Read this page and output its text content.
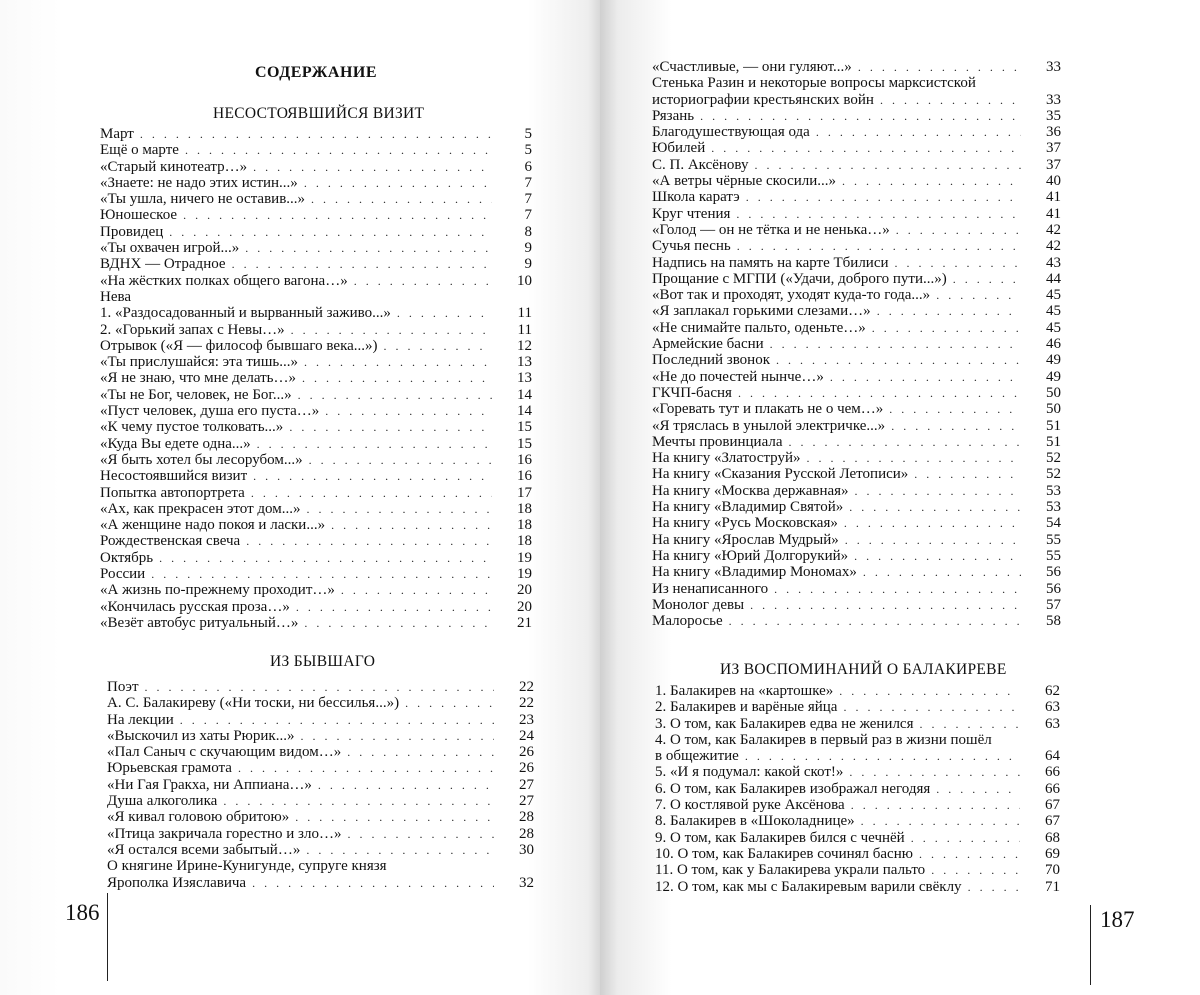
СОДЕРЖАНИЕ
НЕСОСТОЯВШИЙСЯ ВИЗИТ
Март . . .	5
Ещё о марте . . .	5
«Старый кинотеатр…» . . .	6
«Знаете: не надо этих истин...» . . .	7
«Ты ушла, ничего не оставив...» . . .	7
Юношеское . . .	7
Провидец . . .	8
«Ты охвачен игрой...» . . .	9
ВДНХ — Отрадное . . .	9
«На жёстких полках общего вагона…» . . .	10
Нева
1. «Раздосадованный и вырванный заживо...» . . .	11
2. «Горький запах с Невы…» . . .	11
Отрывок («Я — философ бывшаго века...») . . .	12
«Ты прислушайся: эта тишь...» . . .	13
«Я не знаю, что мне делать…» . . .	13
«Ты не Бог, человек, не Бог...» . . .	14
«Пуст человек, душа его пуста…» . . .	14
«К чему пустое толковать...» . . .	15
«Куда Вы едете одна...» . . .	15
«Я быть хотел бы лесорубом...» . . .	16
Несостоявшийся визит . . .	16
Попытка автопортрета . . .	17
«Ах, как прекрасен этот дом...» . . .	18
«А женщине надо покоя и ласки...» . . .	18
Рождественская свеча . . .	18
Октябрь . . .	19
России . . .	19
«А жизнь по-прежнему проходит…» . . .	20
«Кончилась русская проза…» . . .	20
«Везёт автобус ритуальный…» . . .	21
ИЗ БЫВШАГО
Поэт . . .	22
А. С. Балакиреву («Ни тоски, ни бессилья...») . . .	22
На лекции . . .	23
«Выскочил из хаты Рюрик...» . . .	24
«Пал Саныч с скучающим видом…» . . .	26
Юрьевская грамота . . .	26
«Ни Гая Гракха, ни Аппиана…» . . .	27
Душа алкоголика . . .	27
«Я кивал головою обритою» . . .	28
«Птица закричала горестно и зло…» . . .	28
«Я остался всеми забытый…» . . .	30
О княгине Ирине-Кунигунде, супруге князя
Ярополка Изяславича . . .	32
186
«Счастливые, — они гуляют...» . . .	33
Стенька Разин и некоторые вопросы марксистской
историографии крестьянских войн . . .	33
Рязань . . .	35
Благодушествующая ода . . .	36
Юбилей . . .	37
С. П. Аксёнову . . .	37
«А ветры чёрные скосили...» . . .	40
Школа каратэ . . .	41
Круг чтения . . .	41
«Голод — он не тётка и не ненька…» . . .	42
Сучья песнь . . .	42
Надпись на память на карте Тбилиси . . .	43
Прощание с МГПИ («Удачи, доброго пути...») . . .	44
«Вот так и проходят, уходят куда-то года...» . . .	45
«Я заплакал горькими слезами…» . . .	45
«Не снимайте пальто, оденьте…» . . .	45
Армейские басни . . .	46
Последний звонок . . .	49
«Не до почестей нынче…» . . .	49
ГКЧП-басня . . .	50
«Горевать тут и плакать не о чем…» . . .	50
«Я тряслась в унылой электричке...» . . .	51
Мечты провинциала . . .	51
На книгу «Златоструй» . . .	52
На книгу «Сказания Русской Летописи» . . .	52
На книгу «Москва державная» . . .	53
На книгу «Владимир Святой» . . .	53
На книгу «Русь Московская» . . .	54
На книгу «Ярослав Мудрый» . . .	55
На книгу «Юрий Долгорукий» . . .	55
На книгу «Владимир Мономах» . . .	56
Из ненаписанного . . .	56
Монолог девы . . .	57
Малоросье . . .	58
ИЗ ВОСПОМИНАНИЙ О БАЛАКИРЕВЕ
1. Балакирев на «картошке» . . .	62
2. Балакирев и варёные яйца . . .	63
3. О том, как Балакирев едва не женился . . .	63
4. О том, как Балакирев в первый раз в жизни пошёл
в общежитие . . .	64
5. «И я подумал: какой скот!» . . .	66
6. О том, как Балакирев изображал негодяя . . .	66
7. О костлявой руке Аксёнова . . .	67
8. Балакирев в «Шоколаднице» . . .	67
9. О том, как Балакирев бился с чечнёй . . .	68
10. О том, как Балакирев сочинял басню . . .	69
11. О том, как у Балакирева украли пальто . . .	70
12. О том, как мы с Балакиревым варили свёклу . . .	71
187
